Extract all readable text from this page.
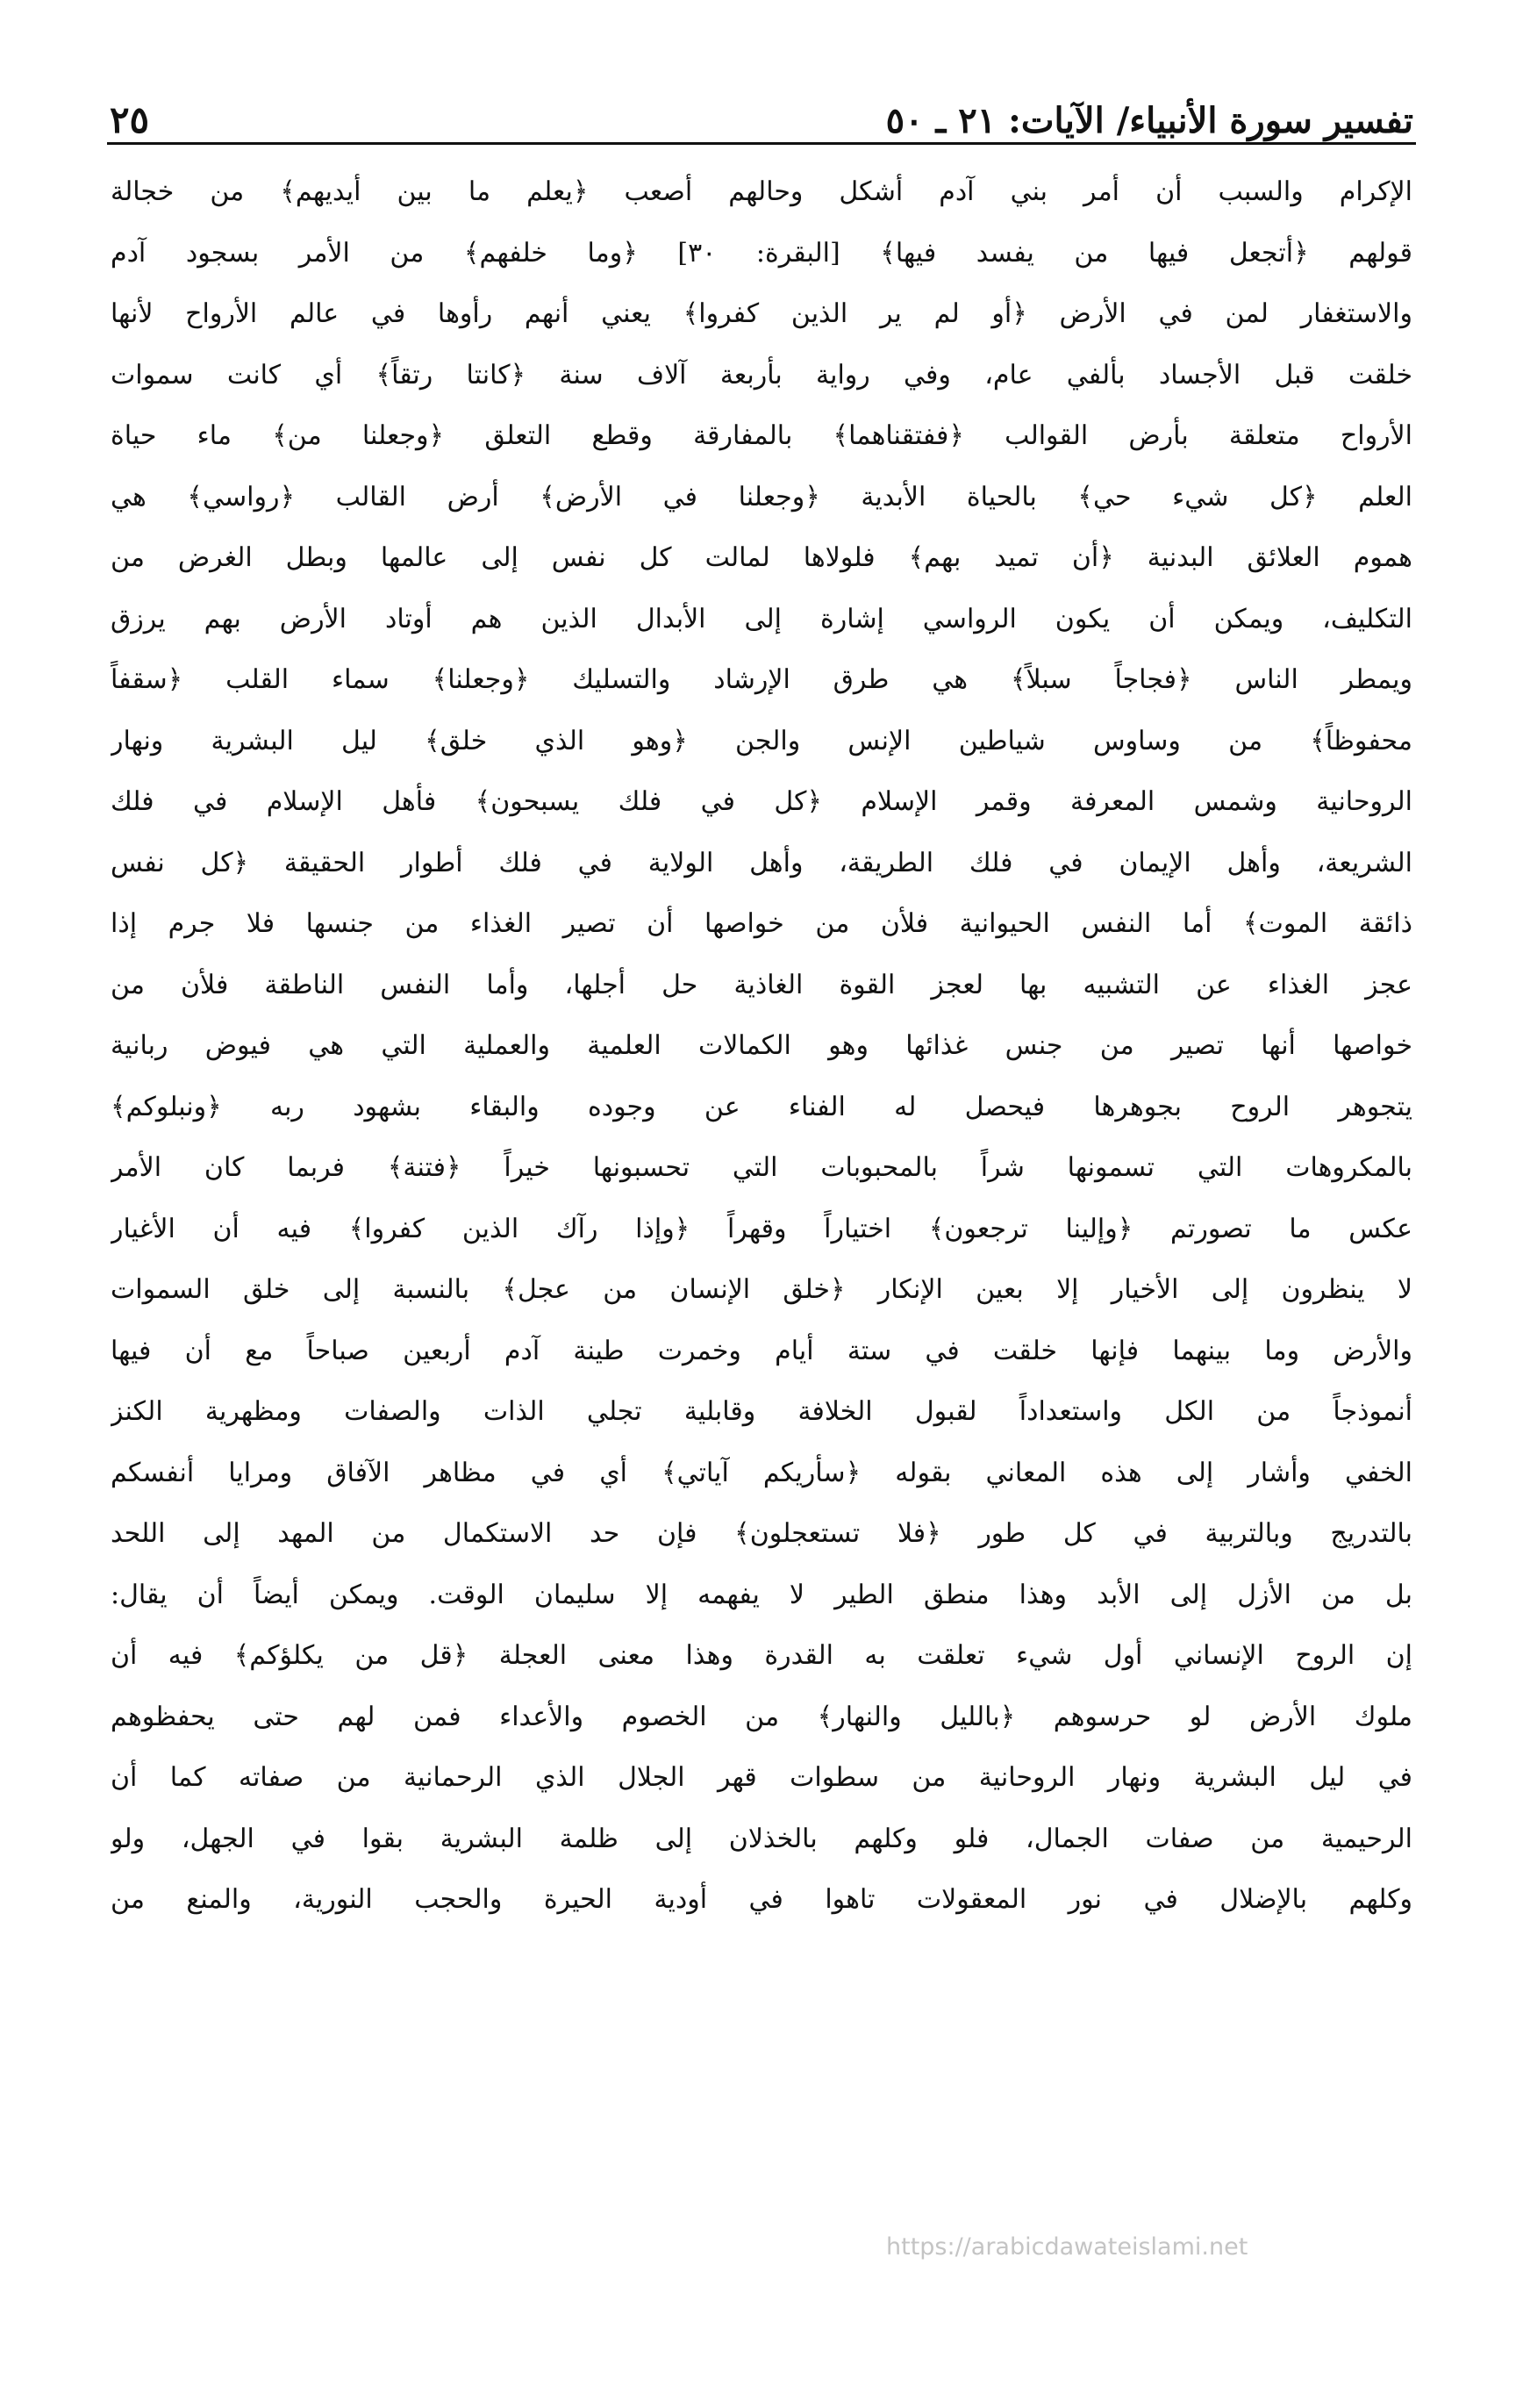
تفسير سورة الأنبياء/ الآيات: ٢١ ـ ٥٠
٢٥
الإكرام والسبب أن أمر بني آدم أشكل وحالهم أصعب ﴿يعلم ما بين أيديهم﴾ من خجالة
قولهم ﴿أتجعل فيها من يفسد فيها﴾ [البقرة: ٣٠] ﴿وما خلفهم﴾ من الأمر بسجود آدم
والاستغفار لمن في الأرض ﴿أو لم ير الذين كفروا﴾ يعني أنهم رأوها في عالم الأرواح لأنها
خلقت قبل الأجساد بألفي عام، وفي رواية بأربعة آلاف سنة ﴿كانتا رتقاً﴾ أي كانت سموات
الأرواح متعلقة بأرض القوالب ﴿ففتقناهما﴾ بالمفارقة وقطع التعلق ﴿وجعلنا من﴾ ماء حياة
العلم ﴿كل شيء حي﴾ بالحياة الأبدية ﴿وجعلنا في الأرض﴾ أرض القالب ﴿رواسي﴾ هي
هموم العلائق البدنية ﴿أن تميد بهم﴾ فلولاها لمالت كل نفس إلى عالمها وبطل الغرض من
التكليف، ويمكن أن يكون الرواسي إشارة إلى الأبدال الذين هم أوتاد الأرض بهم يرزق
ويمطر الناس ﴿فجاجاً سبلاً﴾ هي طرق الإرشاد والتسليك ﴿وجعلنا﴾ سماء القلب ﴿سقفاً
محفوظاً﴾ من وساوس شياطين الإنس والجن ﴿وهو الذي خلق﴾ ليل البشرية ونهار
الروحانية وشمس المعرفة وقمر الإسلام ﴿كل في فلك يسبحون﴾ فأهل الإسلام في فلك
الشريعة، وأهل الإيمان في فلك الطريقة، وأهل الولاية في فلك أطوار الحقيقة ﴿كل نفس
ذائقة الموت﴾ أما النفس الحيوانية فلأن من خواصها أن تصير الغذاء من جنسها فلا جرم إذا
عجز الغذاء عن التشبيه بها لعجز القوة الغاذية حل أجلها، وأما النفس الناطقة فلأن من
خواصها أنها تصير من جنس غذائها وهو الكمالات العلمية والعملية التي هي فيوض ربانية
يتجوهر الروح بجوهرها فيحصل له الفناء عن وجوده والبقاء بشهود ربه ﴿ونبلوكم﴾
بالمكروهات التي تسمونها شراً بالمحبوبات التي تحسبونها خيراً ﴿فتنة﴾ فربما كان الأمر
عكس ما تصورتم ﴿وإلينا ترجعون﴾ اختياراً وقهراً ﴿وإذا رآك الذين كفروا﴾ فيه أن الأغيار
لا ينظرون إلى الأخيار إلا بعين الإنكار ﴿خلق الإنسان من عجل﴾ بالنسبة إلى خلق السموات
والأرض وما بينهما فإنها خلقت في ستة أيام وخمرت طينة آدم أربعين صباحاً مع أن فيها
أنموذجاً من الكل واستعداداً لقبول الخلافة وقابلية تجلي الذات والصفات ومظهرية الكنز
الخفي وأشار إلى هذه المعاني بقوله ﴿سأريكم آياتي﴾ أي في مظاهر الآفاق ومرايا أنفسكم
بالتدريج وبالتربية في كل طور ﴿فلا تستعجلون﴾ فإن حد الاستكمال من المهد إلى اللحد
بل من الأزل إلى الأبد وهذا منطق الطير لا يفهمه إلا سليمان الوقت. ويمكن أيضاً أن يقال:
إن الروح الإنساني أول شيء تعلقت به القدرة وهذا معنى العجلة ﴿قل من يكلؤكم﴾ فيه أن
ملوك الأرض لو حرسوهم ﴿بالليل والنهار﴾ من الخصوم والأعداء فمن لهم حتى يحفظوهم
في ليل البشرية ونهار الروحانية من سطوات قهر الجلال الذي الرحمانية من صفاته كما أن
الرحيمية من صفات الجمال، فلو وكلهم بالخذلان إلى ظلمة البشرية بقوا في الجهل، ولو
وكلهم بالإضلال في نور المعقولات تاهوا في أودية الحيرة والحجب النورية، والمنع من
https://arabicdawateislami.net
